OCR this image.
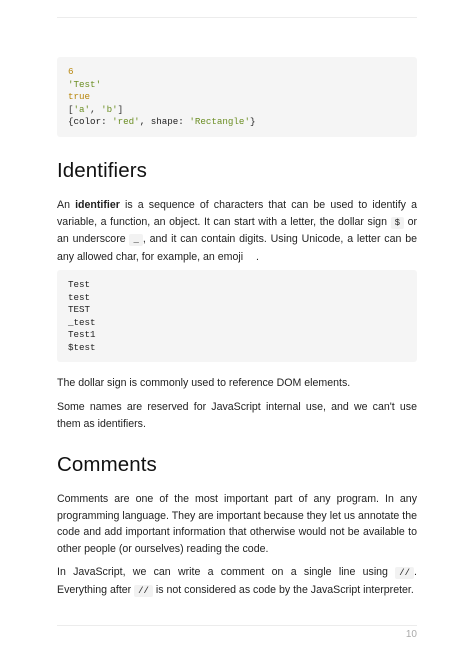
6
'Test'
true
['a', 'b']
{color: 'red', shape: 'Rectangle'}
Identifiers

An identifier is a sequence of characters that can be used to identify a variable, a function, an object. It can start with a letter, the dollar sign $ or an underscore _ , and it can contain digits. Using Unicode, a letter can be any allowed char, for example, an emoji .

Test
test
TEST
_test
Test1
$test

The dollar sign is commonly used to reference DOM elements.

Some names are reserved for JavaScript internal use, and we can't use them as identifiers.

Comments

Comments are one of the most important part of any program. In any programming language. They are important because they let us annotate the code and add important information that otherwise would not be available to other people (or ourselves) reading the code.

In JavaScript, we can write a comment on a single line using // . Everything after // is not considered as code by the JavaScript interpreter.

10
